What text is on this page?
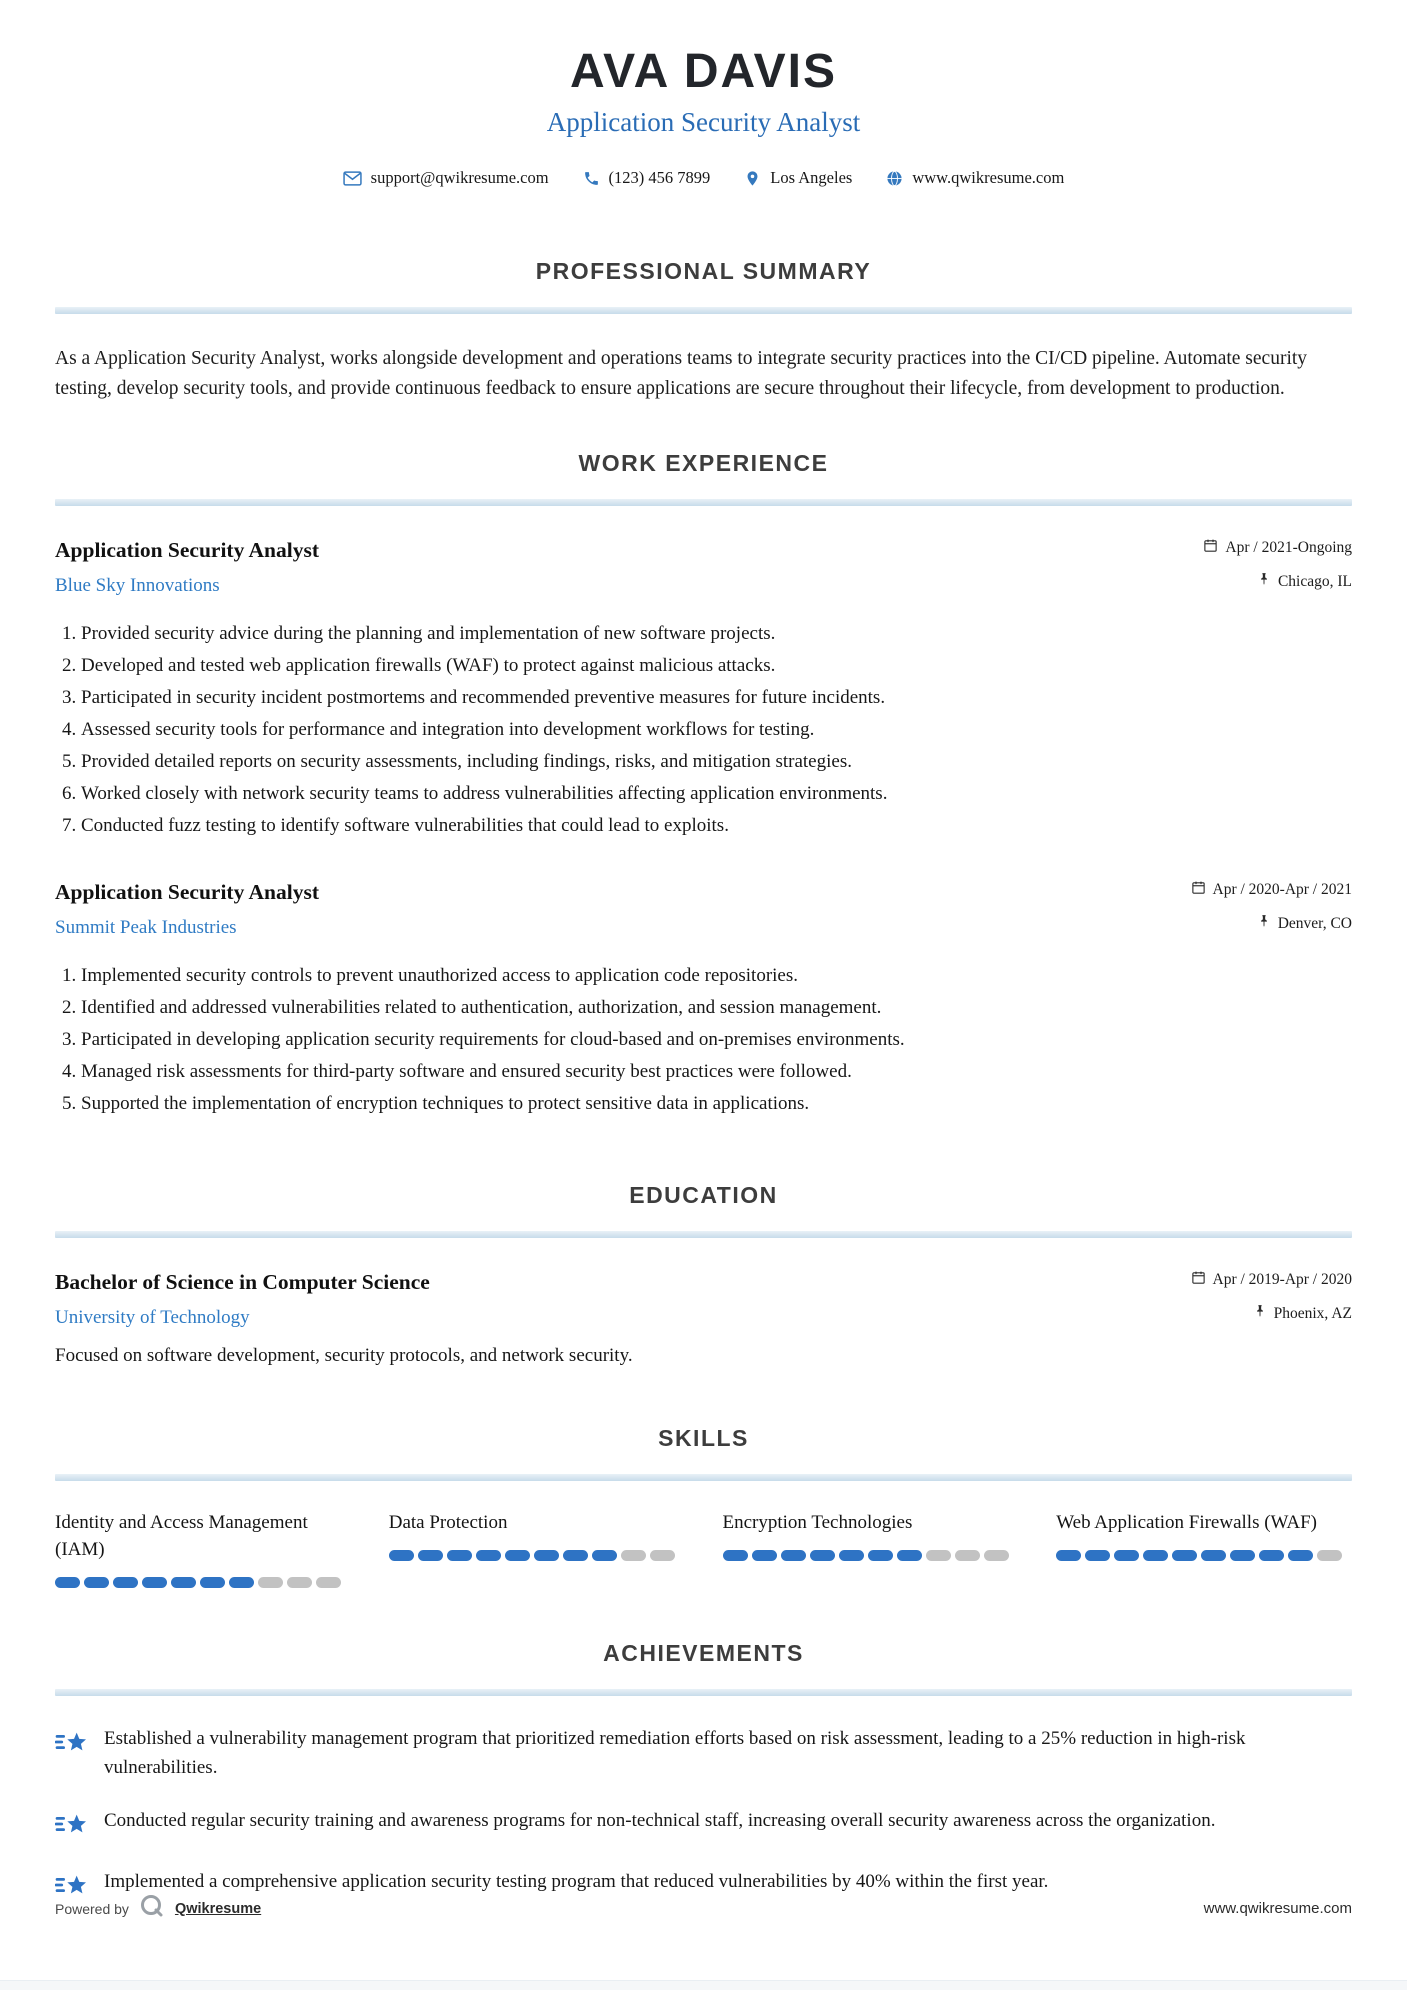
AVA DAVIS
Application Security Analyst
support@qwikresume.com	(123) 456 7899	Los Angeles	www.qwikresume.com
PROFESSIONAL SUMMARY

As a Application Security Analyst, works alongside development and operations teams to integrate security practices into the CI/CD pipeline. Automate security testing, develop security tools, and provide continuous feedback to ensure applications are secure throughout their lifecycle, from development to production.

WORK EXPERIENCE
Application Security Analyst
Blue Sky Innovations
Apr / 2021-Ongoing
Chicago, IL
1. Provided security advice during the planning and implementation of new software projects.
2. Developed and tested web application firewalls (WAF) to protect against malicious attacks.
3. Participated in security incident postmortems and recommended preventive measures for future incidents.
4. Assessed security tools for performance and integration into development workflows for testing.
5. Provided detailed reports on security assessments, including findings, risks, and mitigation strategies.
6. Worked closely with network security teams to address vulnerabilities affecting application environments.
7. Conducted fuzz testing to identify software vulnerabilities that could lead to exploits.
Application Security Analyst
Summit Peak Industries
Apr / 2020-Apr / 2021
Denver, CO
1. Implemented security controls to prevent unauthorized access to application code repositories.
2. Identified and addressed vulnerabilities related to authentication, authorization, and session management.
3. Participated in developing application security requirements for cloud-based and on-premises environments.
4. Managed risk assessments for third-party software and ensured security best practices were followed.
5. Supported the implementation of encryption techniques to protect sensitive data in applications.
EDUCATION
Bachelor of Science in Computer Science
University of Technology
Apr / 2019-Apr / 2020
Phoenix, AZ

Focused on software development, security protocols, and network security.

SKILLS
Identity and Access Management (IAM)
Data Protection	Encryption Technologies	Web Application Firewalls (WAF)
ACHIEVEMENTS

Established a vulnerability management program that prioritized remediation efforts based on risk assessment, leading to a 25% reduction in high-risk vulnerabilities.

Conducted regular security training and awareness programs for non-technical staff, increasing overall security awareness across the organization.

Implemented a comprehensive application security testing program that reduced vulnerabilities by 40% within the first year.

Powered by	Qwikresume	www.qwikresume.com
